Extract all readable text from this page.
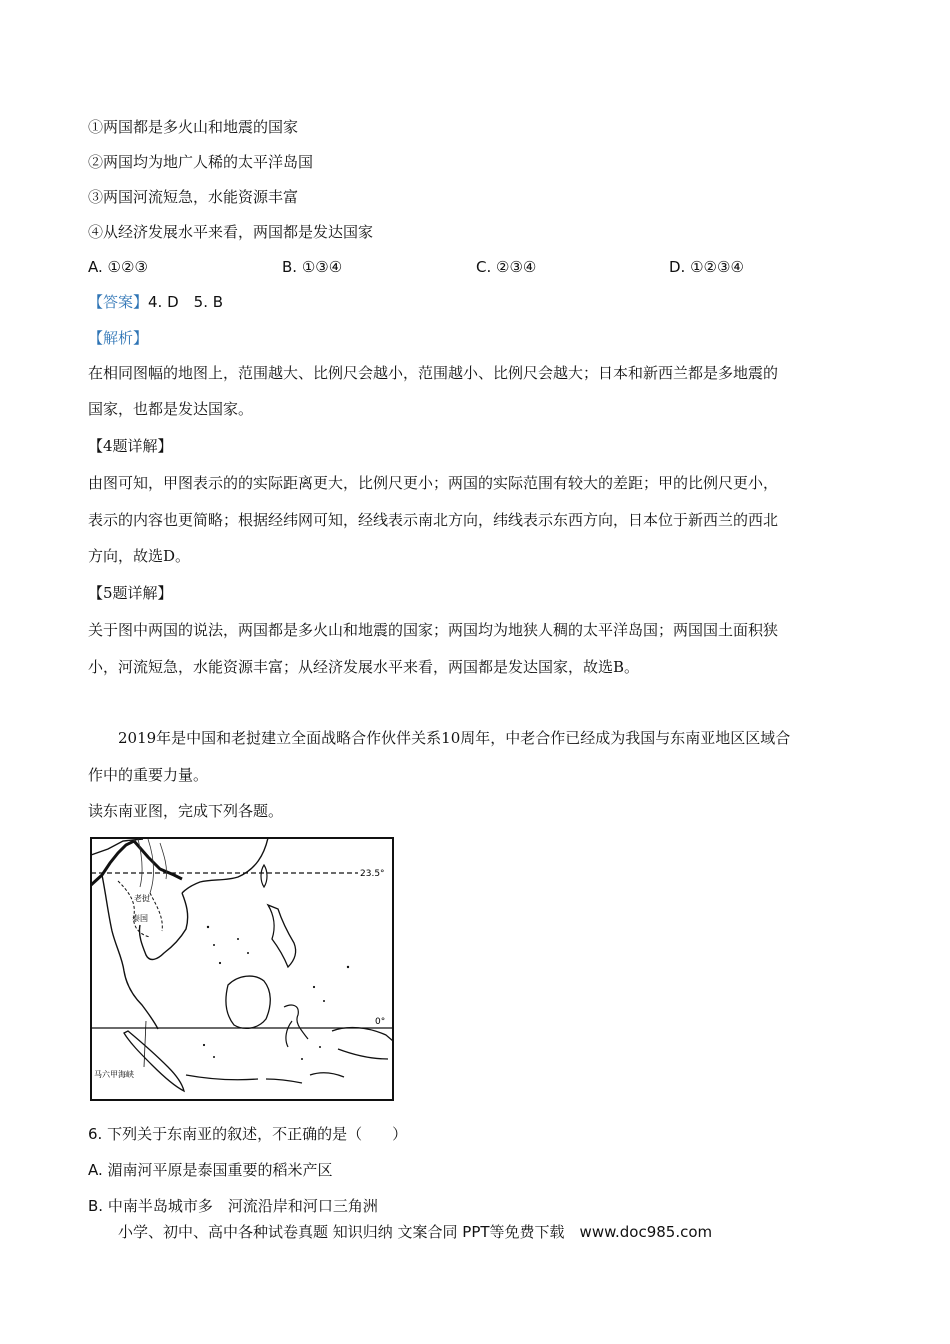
①两国都是多火山和地震的国家
②两国均为地广人稀的太平洋岛国
③两国河流短急，水能资源丰富
④从经济发展水平来看，两国都是发达国家
A. ①②③	B. ①③④	C. ②③④	D. ①②③④
【答案】4. D　5. B
【解析】
在相同图幅的地图上，范围越大、比例尺会越小，范围越小、比例尺会越大；日本和新西兰都是多地震的
国家，也都是发达国家。
【4题详解】
由图可知，甲图表示的的实际距离更大，比例尺更小；两国的实际范围有较大的差距；甲的比例尺更小，
表示的内容也更简略；根据经纬网可知，经线表示南北方向，纬线表示东西方向，日本位于新西兰的西北
方向，故选D。
【5题详解】
关于图中两国的说法，两国都是多火山和地震的国家；两国均为地狭人稠的太平洋岛国；两国国土面积狭
小，河流短急，水能资源丰富；从经济发展水平来看，两国都是发达国家，故选B。
2019年是中国和老挝建立全面战略合作伙伴关系10周年，中老合作已经成为我国与东南亚地区区域合
作中的重要力量。
读东南亚图，完成下列各题。
23.5°
0°
老挝
泰国
马六甲海峡
6. 下列关于东南亚的叙述，不正确的是（　　）
A. 湄南河平原是泰国重要的稻米产区
B. 中南半岛城市多　河流沿岸和河口三角洲
小学、初中、高中各种试卷真题 知识归纳 文案合同 PPT等免费下载　www.doc985.com
